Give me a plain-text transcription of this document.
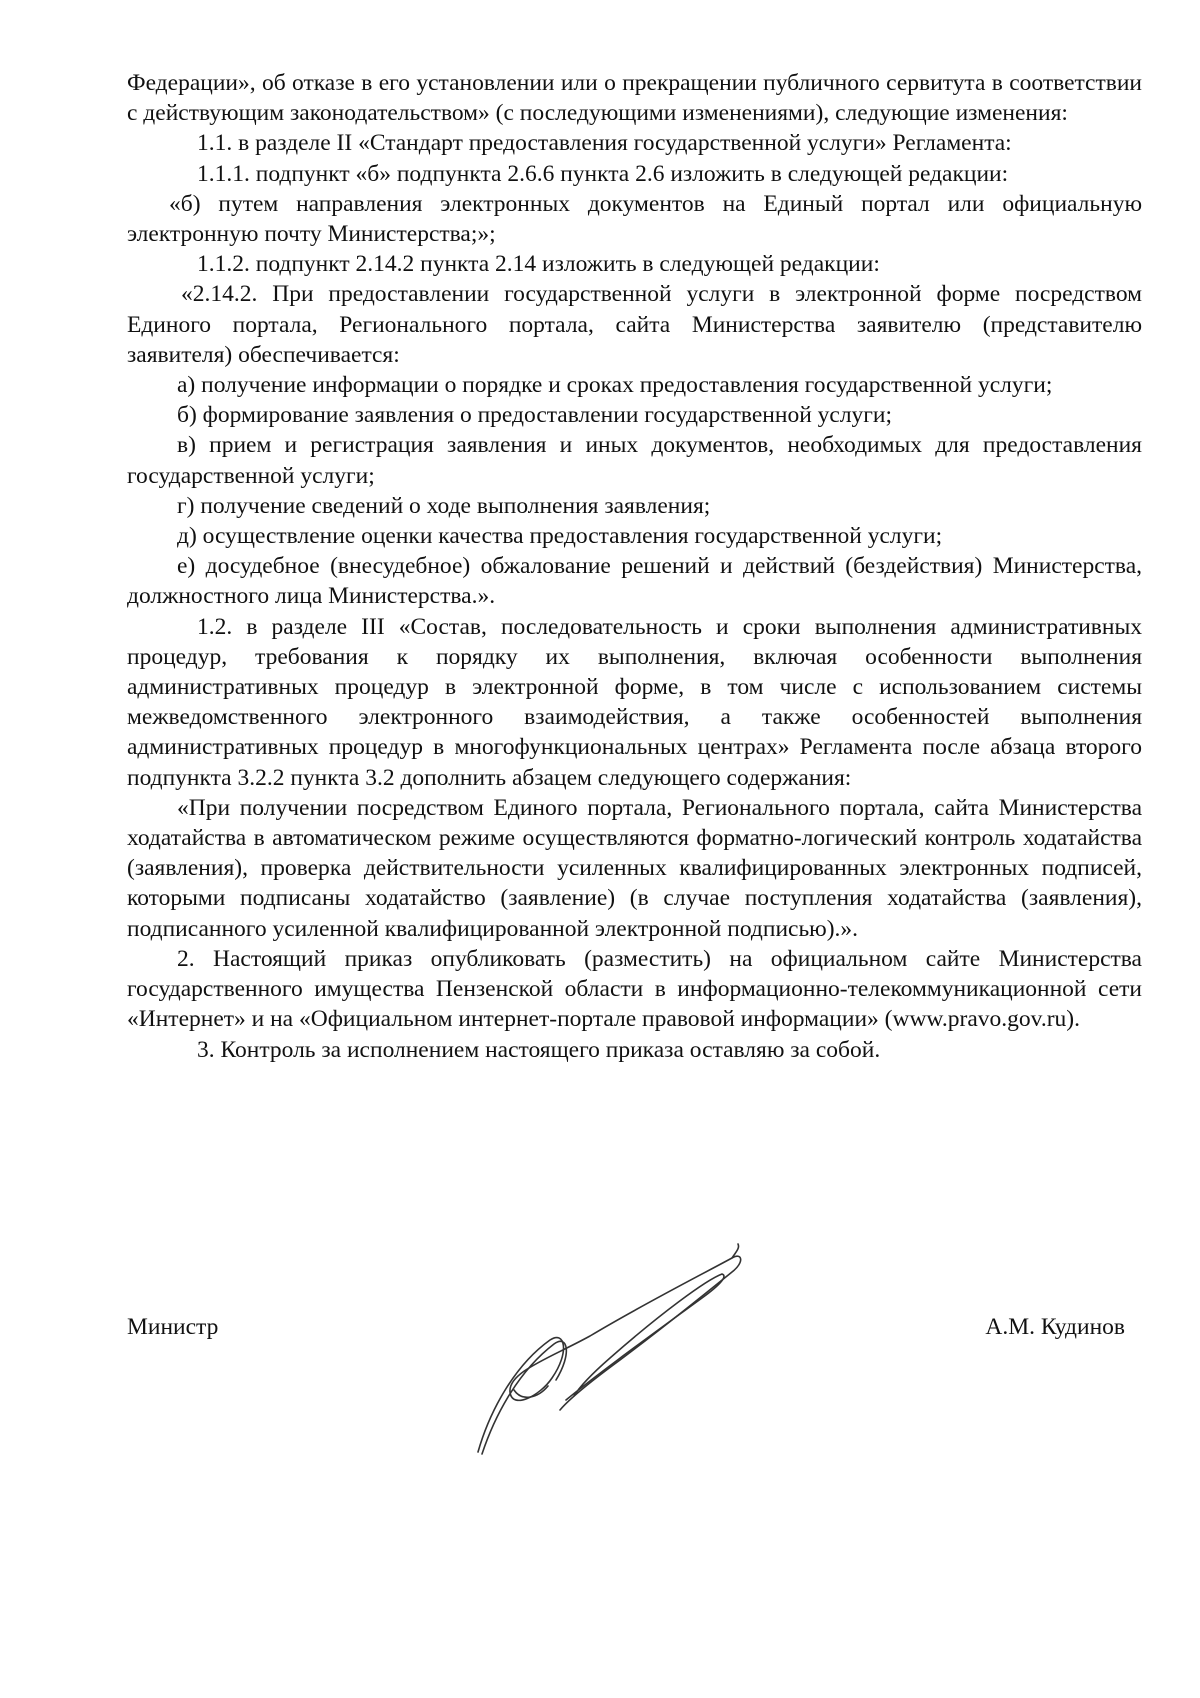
Федерации», об отказе в его установлении или о прекращении публичного сервитута в соответствии с действующим законодательством» (с последующими изменениями), следующие изменения:

1.1. в разделе II «Стандарт предоставления государственной услуги» Регламента:

1.1.1. подпункт «б» подпункта 2.6.6 пункта 2.6 изложить в следующей редакции:

«б) путем направления электронных документов на Единый портал или официальную электронную почту Министерства;»;

1.1.2. подпункт 2.14.2 пункта 2.14 изложить в следующей редакции:

«2.14.2. При предоставлении государственной услуги в электронной форме посредством Единого портала, Регионального портала, сайта Министерства заявителю (представителю заявителя) обеспечивается:

а) получение информации о порядке и сроках предоставления государственной услуги;

б) формирование заявления о предоставлении государственной услуги;

в) прием и регистрация заявления и иных документов, необходимых для предоставления государственной услуги;

г) получение сведений о ходе выполнения заявления;

д) осуществление оценки качества предоставления государственной услуги;

е) досудебное (внесудебное) обжалование решений и действий (бездействия) Министерства, должностного лица Министерства.».

1.2. в разделе III «Состав, последовательность и сроки выполнения административных процедур, требования к порядку их выполнения, включая особенности выполнения административных процедур в электронной форме, в том числе с использованием системы межведомственного электронного взаимодействия, а также особенностей выполнения административных процедур в многофункциональных центрах» Регламента после абзаца второго подпункта 3.2.2 пункта 3.2 дополнить абзацем следующего содержания:

«При получении посредством Единого портала, Регионального портала, сайта Министерства ходатайства в автоматическом режиме осуществляются форматно-логический контроль ходатайства (заявления), проверка действительности усиленных квалифицированных электронных подписей, которыми подписаны ходатайство (заявление) (в случае поступления ходатайства (заявления), подписанного усиленной квалифицированной электронной подписью).».

2. Настоящий приказ опубликовать (разместить) на официальном сайте Министерства государственного имущества Пензенской области в информационно-телекоммуникационной сети «Интернет» и на «Официальном интернет-портале правовой информации» (www.pravo.gov.ru).

3. Контроль за исполнением настоящего приказа оставляю за собой.

Министр	А.М. Кудинов
